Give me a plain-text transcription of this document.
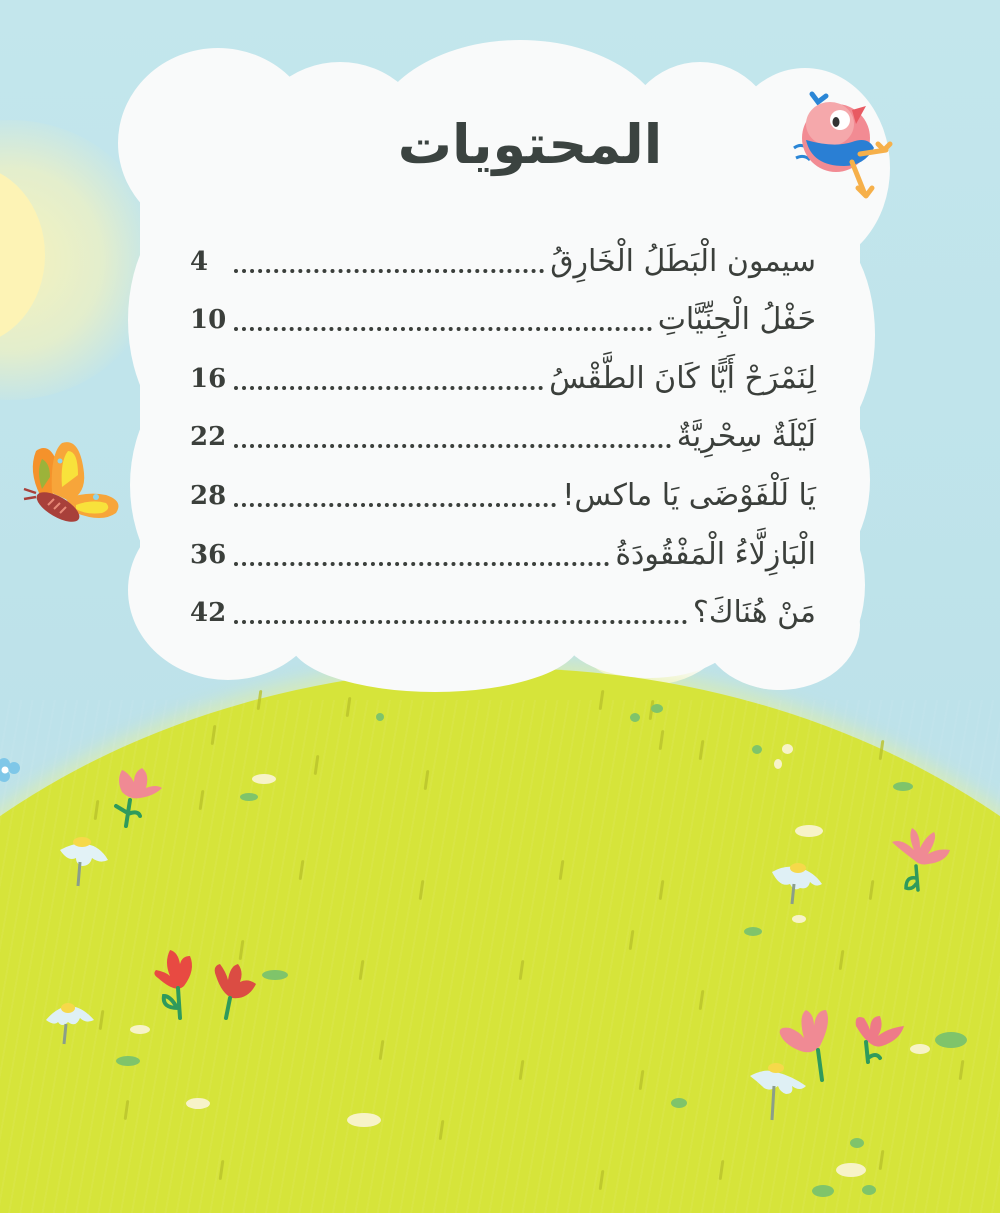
المحتويات
سيمون الْبَطَلُ الْخَارِقُ
4
حَفْلُ الْجِنِّيَّاتِ
10
لِنَمْرَحْ أَيًّا كَانَ الطَّقْسُ
16
لَيْلَةٌ سِحْرِيَّةٌ
22
يَا لَلْفَوْضَى يَا ماكس!
28
الْبَازِلَّاءُ الْمَفْقُودَةُ
36
مَنْ هُنَاكَ؟
42
